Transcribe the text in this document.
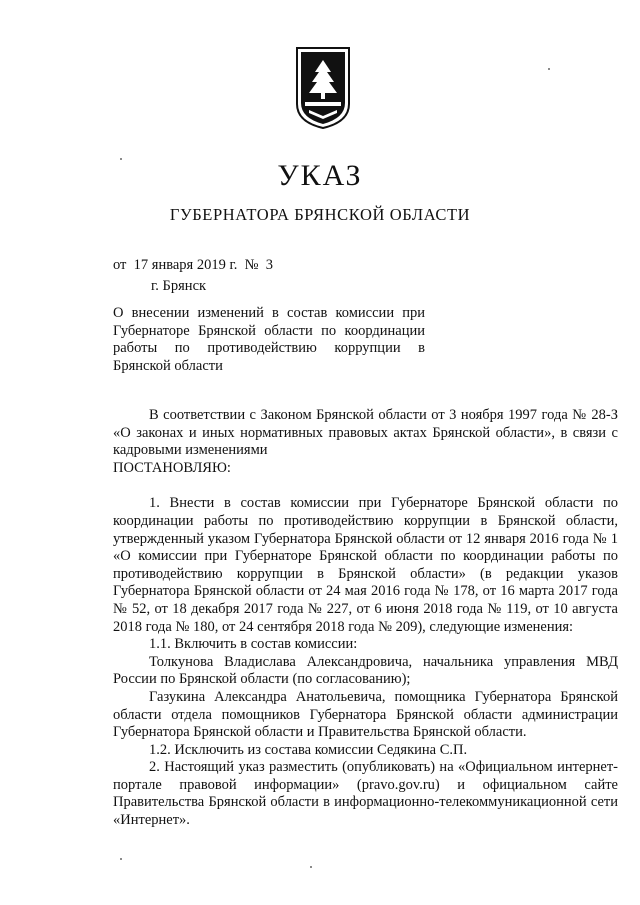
УКАЗ
ГУБЕРНАТОРА БРЯНСКОЙ ОБЛАСТИ
от  17 января 2019 г.  №  3
г. Брянск
О внесении изменений в состав комиссии при Губернаторе Брянской области по координации работы по противодействию коррупции в Брянской области

В соответствии с Законом Брянской области от 3 ноября 1997 года № 28-З «О законах и иных нормативных правовых актах Брянской области», в связи с кадровыми изменениями

ПОСТАНОВЛЯЮ:

1. Внести в состав комиссии при Губернаторе Брянской области по координации работы по противодействию коррупции в Брянской области, утвержденный указом Губернатора Брянской области от 12 января 2016 года № 1 «О комиссии при Губернаторе Брянской области по координации работы по противодействию коррупции в Брянской области» (в редакции указов Губернатора Брянской области от 24 мая 2016 года № 178, от 16 марта 2017 года № 52, от 18 декабря 2017 года № 227, от 6 июня 2018 года № 119, от 10 августа 2018 года № 180, от 24 сентября 2018 года № 209), следующие изменения:

1.1. Включить в состав комиссии:

Толкунова Владислава Александровича, начальника управления МВД России по Брянской области (по согласованию);

Газукина Александра Анатольевича, помощника Губернатора Брянской области отдела помощников Губернатора Брянской области администрации Губернатора Брянской области и Правительства Брянской области.

1.2. Исключить из состава комиссии Седякина С.П.

2. Настоящий указ разместить (опубликовать) на «Официальном интернет-портале правовой информации» (pravo.gov.ru) и официальном сайте Правительства Брянской области в информационно-телекоммуникационной сети «Интернет».
